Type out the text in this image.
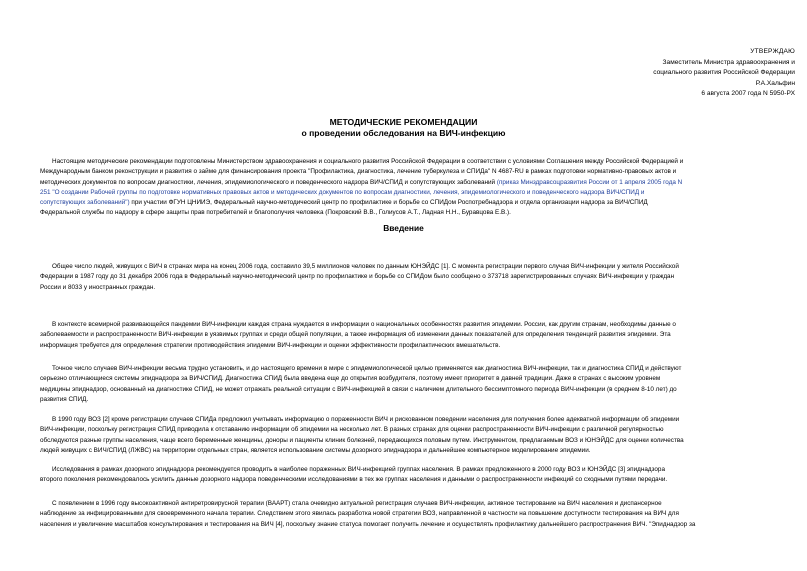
УТВЕРЖДАЮ
Заместитель Министра здравоохранения и
социального развития Российской Федерации
Р.А.Хальфин
6 августа 2007 года N 5950-РХ
МЕТОДИЧЕСКИЕ РЕКОМЕНДАЦИИ
о проведении обследования на ВИЧ-инфекцию
Настоящие методические рекомендации подготовлены Министерством здравоохранения и социального развития Российской Федерации в соответствии с условиями Соглашения между Российской Федерацией и
Международным банком реконструкции и развития о займе для финансирования проекта "Профилактика, диагностика, лечение туберкулеза и СПИДа" N 4687-RU в рамках подготовки нормативно-правовых актов и
методических документов по вопросам диагностики, лечения, эпидемиологического и поведенческого надзора ВИЧ/СПИД и сопутствующих заболеваний (приказ Минздравсоцразвития России от 1 апреля 2005 года N
251 "О создании Рабочей группы по подготовке нормативных правовых актов и методических документов по вопросам диагностики, лечения, эпидемиологического и поведенческого надзора ВИЧ/СПИД и
сопутствующих заболеваний") при участии ФГУН ЦНИИЭ, Федеральный научно-методический центр по профилактике и борьбе со СПИДом Роспотребнадзора и отдела организации надзора за ВИЧ/СПИД
Федеральной службы по надзору в сфере защиты прав потребителей и благополучия человека (Покровский В.В., Голиусов А.Т., Ладная Н.Н., Буравцова Е.В.).
Введение
Общее число людей, живущих с ВИЧ в странах мира на конец 2006 года, составило 39,5 миллионов человек по данным ЮНЭЙДС [1]. С момента регистрации первого случая ВИЧ-инфекции у жителя Российской
Федерации в 1987 году до 31 декабря 2006 года в Федеральный научно-методический центр по профилактике и борьбе со СПИДом было сообщено о 373718 зарегистрированных случаях ВИЧ-инфекции у граждан
России и 8033 у иностранных граждан.
В контексте всемирной развивающейся пандемии ВИЧ-инфекции каждая страна нуждается в информации о национальных особенностях развития эпидемии. России, как другим странам, необходимы данные о
заболеваемости и распространенности ВИЧ-инфекции в уязвимых группах и среди общей популяции, а также информация об изменении данных показателей для определения тенденций развития эпидемии. Эта
информация требуется для определения стратегии противодействия эпидемии ВИЧ-инфекции и оценки эффективности профилактических вмешательств.
Точное число случаев ВИЧ-инфекции весьма трудно установить, и до настоящего времени в мире с эпидемиологической целью применяется как диагностика ВИЧ-инфекции, так и диагностика СПИД и действуют
серьезно отличающиеся системы эпиднадзора за ВИЧ/СПИД. Диагностика СПИД была введена еще до открытия возбудителя, поэтому имеет приоритет в давней традиции. Даже в странах с высоким уровнем
медицины эпиднадзор, основанный на диагностике СПИД, не может отражать реальной ситуации с ВИЧ-инфекцией в связи с наличием длительного бессимптомного периода ВИЧ-инфекции (в среднем 8-10 лет) до
развития СПИД.
В 1990 году ВОЗ [2] кроме регистрации случаев СПИДа предложил учитывать информацию о пораженности ВИЧ и рискованном поведении населения для получения более адекватной информации об эпидемии
ВИЧ-инфекции, поскольку регистрация СПИД приводила к отставанию информации об эпидемии на несколько лет. В разных странах для оценки распространенности ВИЧ-инфекции с различной регулярностью
обследуются разные группы населения, чаще всего беременные женщины, доноры и пациенты клиник болезней, передающихся половым путем. Инструментом, предлагаемым ВОЗ и ЮНЭЙДС для оценки количества
людей живущих с ВИЧ/СПИД (ЛЖВС) на территории отдельных стран, является использование системы дозорного эпиднадзора и дальнейшее компьютерное моделирование эпидемии.
Исследования в рамках дозорного эпиднадзора рекомендуется проводить в наиболее пораженных ВИЧ-инфекцией группах населения. В рамках предложенного в 2000 году ВОЗ и ЮНЭЙДС [3] эпиднадзора
второго поколения рекомендовалось усилить данные дозорного надзора поведенческими исследованиями в тех же группах населения и данными о распространенности инфекций со сходными путями передачи.
С появлением в 1996 году высокоактивной антиретровирусной терапии (ВААРТ) стала очевидно актуальной регистрация случаев ВИЧ-инфекции, активное тестирование на ВИЧ населения и диспансерное
наблюдение за инфицированными для своевременного начала терапии. Следствием этого явилась разработка новой стратегии ВОЗ, направленной в частности на повышение доступности тестирования на ВИЧ для
населения и увеличение масштабов консультирования и тестирования на ВИЧ [4], поскольку знание статуса помогает получить лечение и осуществлять профилактику дальнейшего распространения ВИЧ. "Эпиднадзор за
